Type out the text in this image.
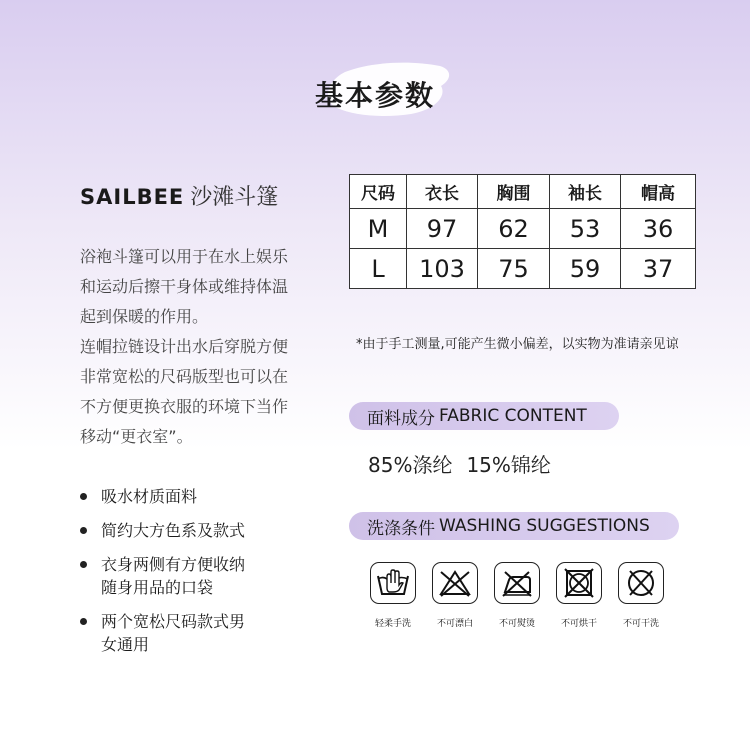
基本参数
SAILBEE 沙滩斗篷

浴袍斗篷可以用于在水上娱乐

和运动后擦干身体或维持体温

起到保暖的作用。

连帽拉链设计出水后穿脱方便

非常宽松的尺码版型也可以在

不方便更换衣服的环境下当作

移动“更衣室”。

吸水材质面料
简约大方色系及款式
衣身两侧有方便收纳
随身用品的口袋
两个宽松尺码款式男
女通用
尺码	衣长	胸围	袖长	帽高
M	97	62	53	36
L	103	75	59	37
*由于手工测量,可能产生微小偏差，以实物为准请亲见谅
面料成分 FABRIC CONTENT
85%涤纶 15%锦纶
洗涤条件 WASHING SUGGESTIONS
轻柔手洗	不可漂白	不可熨烫	不可烘干	不可干洗
